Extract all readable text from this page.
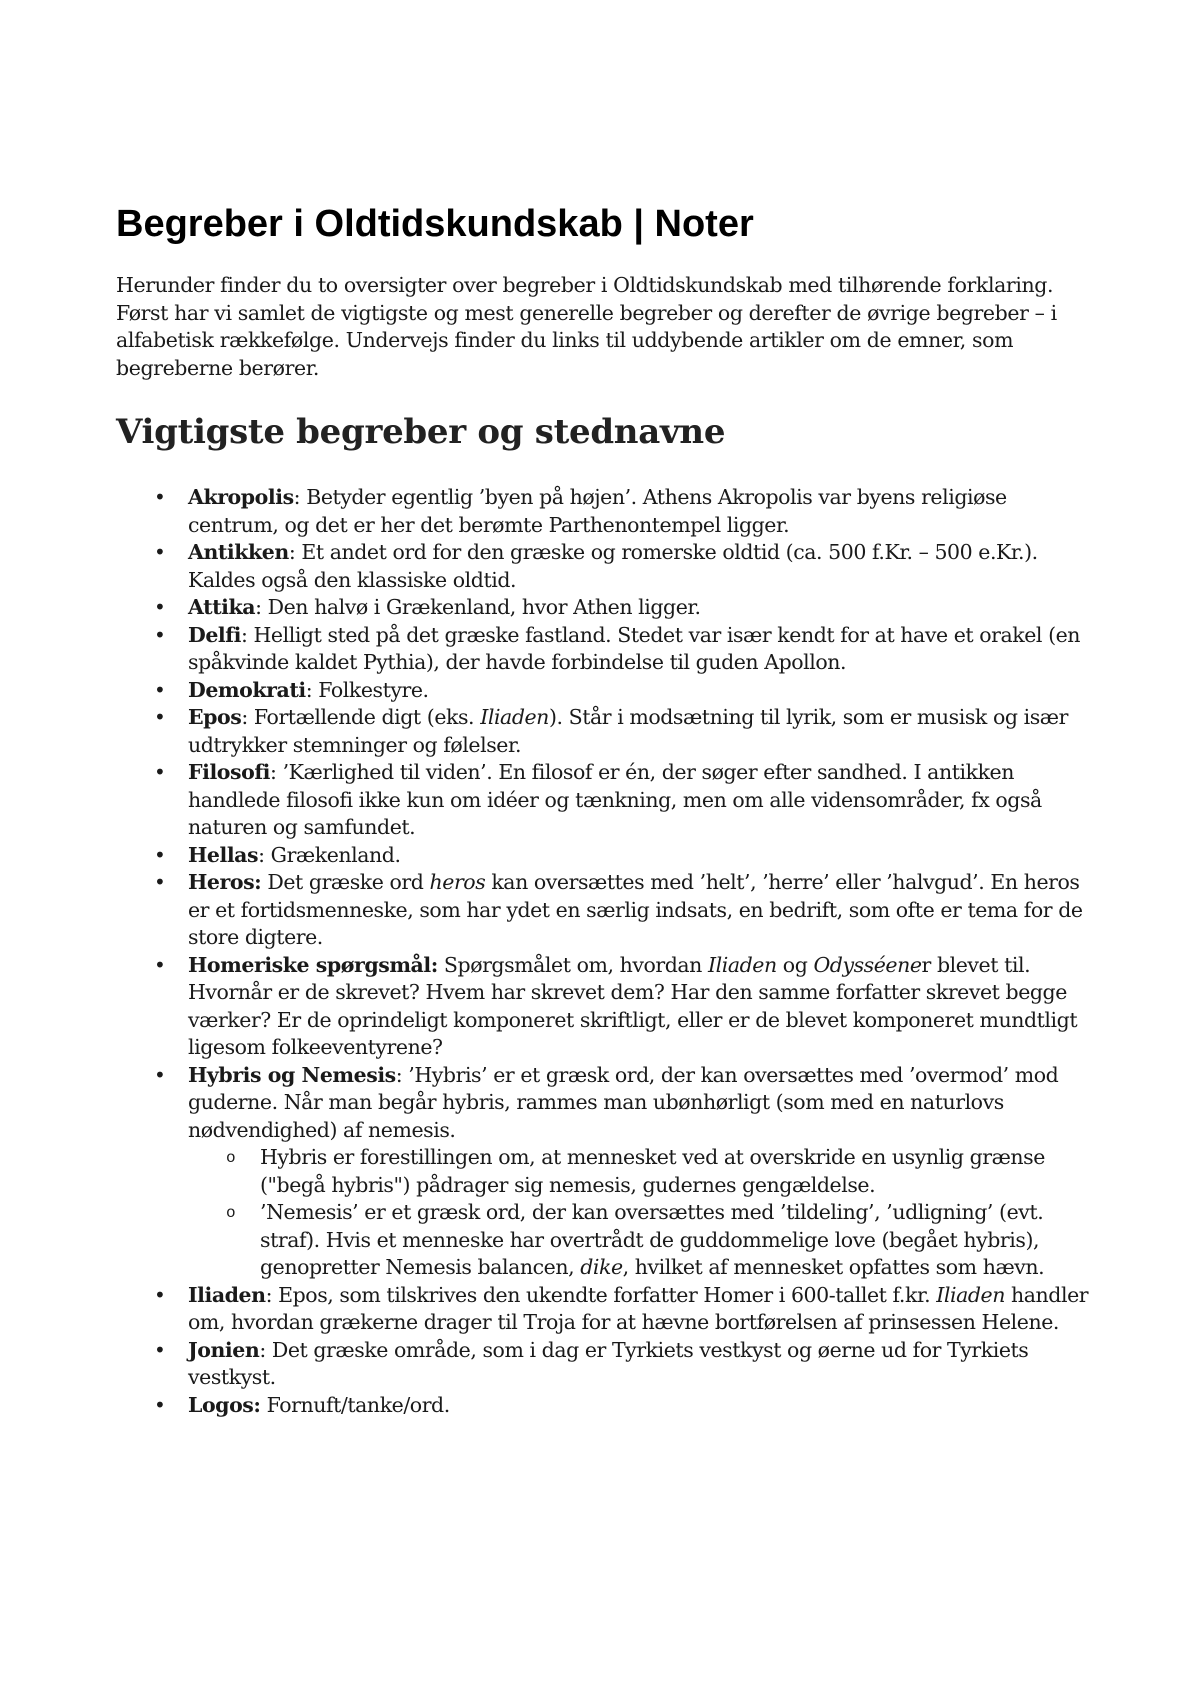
Begreber i Oldtidskundskab | Noter

Herunder finder du to oversigter over begreber i Oldtidskundskab med tilhørende forklaring. Først har vi samlet de vigtigste og mest generelle begreber og derefter de øvrige begreber – i alfabetisk rækkefølge. Undervejs finder du links til uddybende artikler om de emner, som begreberne berører.

Vigtigste begreber og stednavne
• Akropolis: Betyder egentlig ’byen på højen’. Athens Akropolis var byens religiøse centrum, og det er her det berømte Parthenontempel ligger.
• Antikken: Et andet ord for den græske og romerske oldtid (ca. 500 f.Kr. – 500 e.Kr.). Kaldes også den klassiske oldtid.
• Attika: Den halvø i Grækenland, hvor Athen ligger.
• Delfi: Helligt sted på det græske fastland. Stedet var især kendt for at have et orakel (en spåkvinde kaldet Pythia), der havde forbindelse til guden Apollon.
• Demokrati: Folkestyre.
• Epos: Fortællende digt (eks. Iliaden). Står i modsætning til lyrik, som er musisk og især udtrykker stemninger og følelser.
• Filosofi: ’Kærlighed til viden’. En filosof er én, der søger efter sandhed. I antikken handlede filosofi ikke kun om idéer og tænkning, men om alle vidensområder, fx også naturen og samfundet.
• Hellas: Grækenland.
• Heros: Det græske ord heros kan oversættes med ’helt’, ’herre’ eller ’halvgud’. En heros er et fortidsmenneske, som har ydet en særlig indsats, en bedrift, som ofte er tema for de store digtere.
• Homeriske spørgsmål: Spørgsmålet om, hvordan Iliaden og Odysséener blevet til. Hvornår er de skrevet? Hvem har skrevet dem? Har den samme forfatter skrevet begge værker? Er de oprindeligt komponeret skriftligt, eller er de blevet komponeret mundtligt ligesom folkeeventyrene?
• Hybris og Nemesis: ’Hybris’ er et græsk ord, der kan oversættes med ’overmod’ mod guderne. Når man begår hybris, rammes man ubønhørligt (som med en naturlovs nødvendighed) af nemesis.
o Hybris er forestillingen om, at mennesket ved at overskride en usynlig grænse ("begå hybris") pådrager sig nemesis, gudernes gengældelse.
o ’Nemesis’ er et græsk ord, der kan oversættes med ’tildeling’, ’udligning’ (evt. straf). Hvis et menneske har overtrådt de guddommelige love (begået hybris), genopretter Nemesis balancen, dike, hvilket af mennesket opfattes som hævn.
• Iliaden: Epos, som tilskrives den ukendte forfatter Homer i 600-tallet f.kr. Iliaden handler om, hvordan grækerne drager til Troja for at hævne bortførelsen af prinsessen Helene.
• Jonien: Det græske område, som i dag er Tyrkiets vestkyst og øerne ud for Tyrkiets vestkyst.
• Logos: Fornuft/tanke/ord.
